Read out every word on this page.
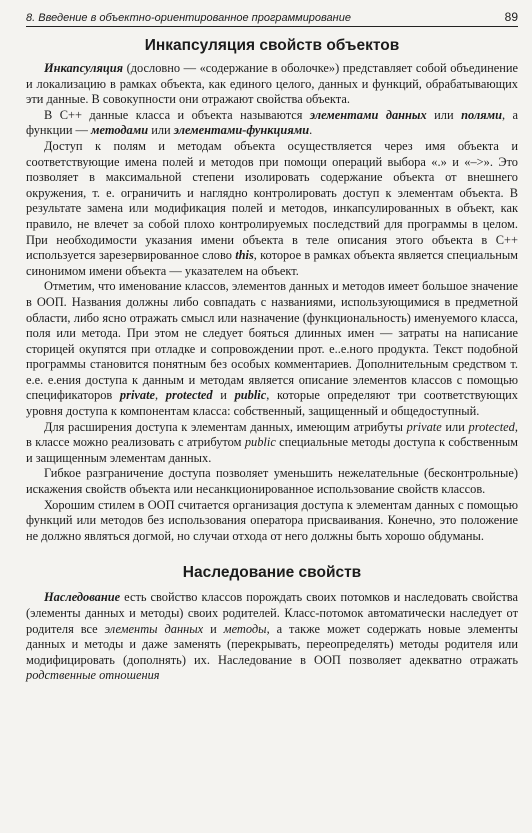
8. Введение в объектно-ориентированное программирование	89
Инкапсуляция свойств объектов

Инкапсуляция (дословно — «содержание в оболочке») представляет собой объединение и локализацию в рамках объекта, как единого целого, данных и функций, обрабатывающих эти данные. В совокупности они отражают свойства объекта.

В С++ данные класса и объекта называются элементами данных или полями, а функции — методами или элементами-функциями.

Доступ к полям и методам объекта осуществляется через имя объекта и соответствующие имена полей и методов при помощи операций выбора «.» и «–>». Это позволяет в максимальной степени изолировать содержание объекта от внешнего окружения, т. е. ограничить и наглядно контролировать доступ к элементам объекта. В результате замена или модификация полей и методов, инкапсулированных в объект, как правило, не влечет за собой плохо контролируемых последствий для программы в целом. При необходимости указания имени объекта в теле описания этого объекта в С++ используется зарезервированное слово this, которое в рамках объекта является специальным синонимом имени объекта — указателем на объект.

Отметим, что именование классов, элементов данных и методов имеет большое значение в ООП. Названия должны либо совпадать с названиями, использующимися в предметной области, либо ясно отражать смысл или назначение (функциональность) именуемого класса, поля или метода. При этом не следует бояться длинных имен — затраты на написание сторицей окупятся при отладке и сопровождении прот. е..е.ного продукта. Текст подобной программы становится понятным без особых комментариев. Дополнительным средством т. е.е. е.ения доступа к данным и методам является описание элементов классов с помощью спецификаторов private, protected и public, которые определяют три соответствующих уровня доступа к компонентам класса: собственный, защищенный и общедоступный.

Для расширения доступа к элементам данных, имеющим атрибуты private или protected, в классе можно реализовать с атрибутом public специальные методы доступа к собственным и защищенным элементам данных.

Гибкое разграничение доступа позволяет уменьшить нежелательные (бесконтрольные) искажения свойств объекта или несанкционированное использование свойств классов.

Хорошим стилем в ООП считается организация доступа к элементам данных с помощью функций или методов без использования оператора присваивания. Конечно, это положение не должно являться догмой, но случаи отхода от него должны быть хорошо обдуманы.

Наследование свойств

Наследование есть свойство классов порождать своих потомков и наследовать свойства (элементы данных и методы) своих родителей. Класс-потомок автоматически наследует от родителя все элементы данных и методы, а также может содержать новые элементы данных и методы и даже заменять (перекрывать, переопределять) методы родителя или модифицировать (дополнять) их. Наследование в ООП позволяет адекватно отражать родственные отношения
